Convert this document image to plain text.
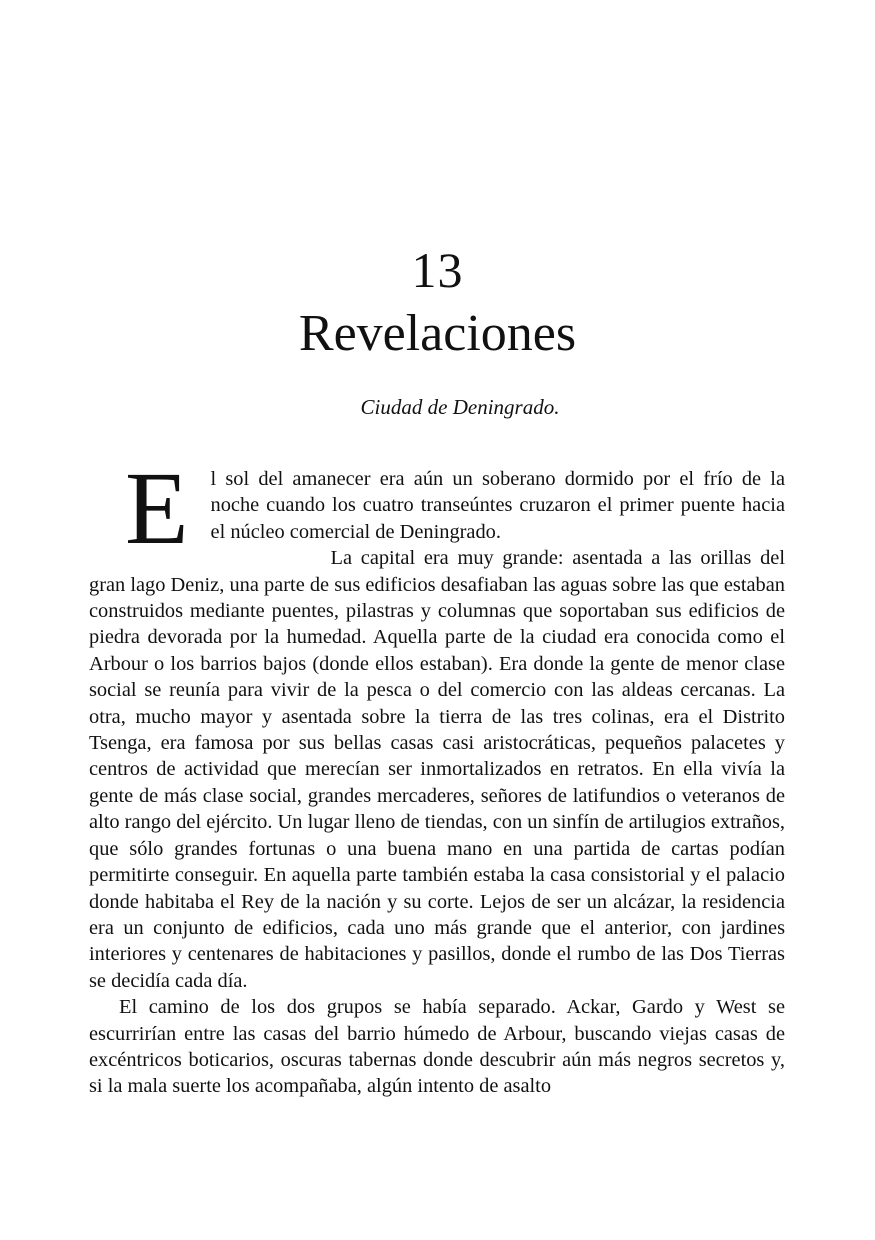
13
Revelaciones
Ciudad de Deningrado.

E l sol del amanecer era aún un soberano dormido por el frío de la noche cuando los cuatro transeúntes cruzaron el primer puente hacia el núcleo comercial de Deningrado.

La capital era muy grande: asentada a las orillas del gran lago Deniz, una parte de sus edificios desafiaban las aguas sobre las que estaban construidos mediante puentes, pilastras y columnas que soportaban sus edificios de piedra devorada por la humedad. Aquella parte de la ciudad era conocida como el Arbour o los barrios bajos (donde ellos estaban). Era donde la gente de menor clase social se reunía para vivir de la pesca o del comercio con las aldeas cercanas. La otra, mucho mayor y asentada sobre la tierra de las tres colinas, era el Distrito Tsenga, era famosa por sus bellas casas casi aristocráticas, pequeños palacetes y centros de actividad que merecían ser inmortalizados en retratos. En ella vivía la gente de más clase social, grandes mercaderes, señores de latifundios o veteranos de alto rango del ejército. Un lugar lleno de tiendas, con un sinfín de artilugios extraños, que sólo grandes fortunas o una buena mano en una partida de cartas podían permitirte conseguir. En aquella parte también estaba la casa consistorial y el palacio donde habitaba el Rey de la nación y su corte. Lejos de ser un alcázar, la residencia era un conjunto de edificios, cada uno más grande que el anterior, con jardines interiores y centenares de habitaciones y pasillos, donde el rumbo de las Dos Tierras se decidía cada día.

El camino de los dos grupos se había separado. Ackar, Gardo y West se escurrirían entre las casas del barrio húmedo de Arbour, buscando viejas casas de excéntricos boticarios, oscuras tabernas donde descubrir aún más negros secretos y, si la mala suerte los acompañaba, algún intento de asalto
